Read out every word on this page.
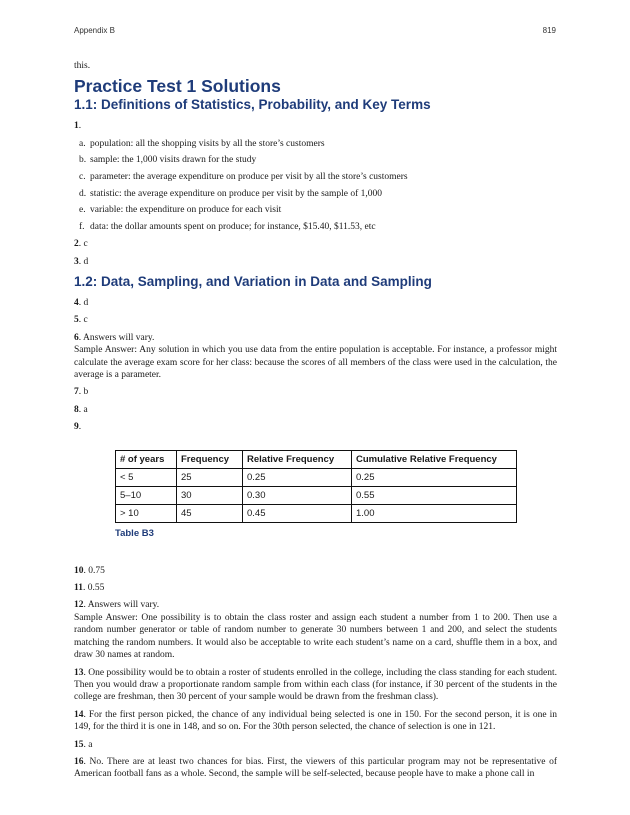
Appendix B	819

this.

Practice Test 1 Solutions
1.1: Definitions of Statistics, Probability, and Key Terms

1.

a. population: all the shopping visits by all the store’s customers
b. sample: the 1,000 visits drawn for the study
c. parameter: the average expenditure on produce per visit by all the store’s customers
d. statistic: the average expenditure on produce per visit by the sample of 1,000
e. variable: the expenditure on produce for each visit
f. data: the dollar amounts spent on produce; for instance, $15.40, $11.53, etc

2. c

3. d

1.2: Data, Sampling, and Variation in Data and Sampling

4. d

5. c

6. Answers will vary.
Sample Answer: Any solution in which you use data from the entire population is acceptable. For instance, a professor might calculate the average exam score for her class: because the scores of all members of the class were used in the calculation, the average is a parameter.

7. b

8. a

9.

# of years	Frequency	Relative Frequency	Cumulative Relative Frequency
< 5	25	0.25	0.25
5–10	30	0.30	0.55
> 10	45	0.45	1.00
Table B3

10. 0.75

11. 0.55

12. Answers will vary.
Sample Answer: One possibility is to obtain the class roster and assign each student a number from 1 to 200. Then use a random number generator or table of random number to generate 30 numbers between 1 and 200, and select the students matching the random numbers. It would also be acceptable to write each student’s name on a card, shuffle them in a box, and draw 30 names at random.

13. One possibility would be to obtain a roster of students enrolled in the college, including the class standing for each student. Then you would draw a proportionate random sample from within each class (for instance, if 30 percent of the students in the college are freshman, then 30 percent of your sample would be drawn from the freshman class).

14. For the first person picked, the chance of any individual being selected is one in 150. For the second person, it is one in 149, for the third it is one in 148, and so on. For the 30th person selected, the chance of selection is one in 121.

15. a

16. No. There are at least two chances for bias. First, the viewers of this particular program may not be representative of American football fans as a whole. Second, the sample will be self-selected, because people have to make a phone call in
